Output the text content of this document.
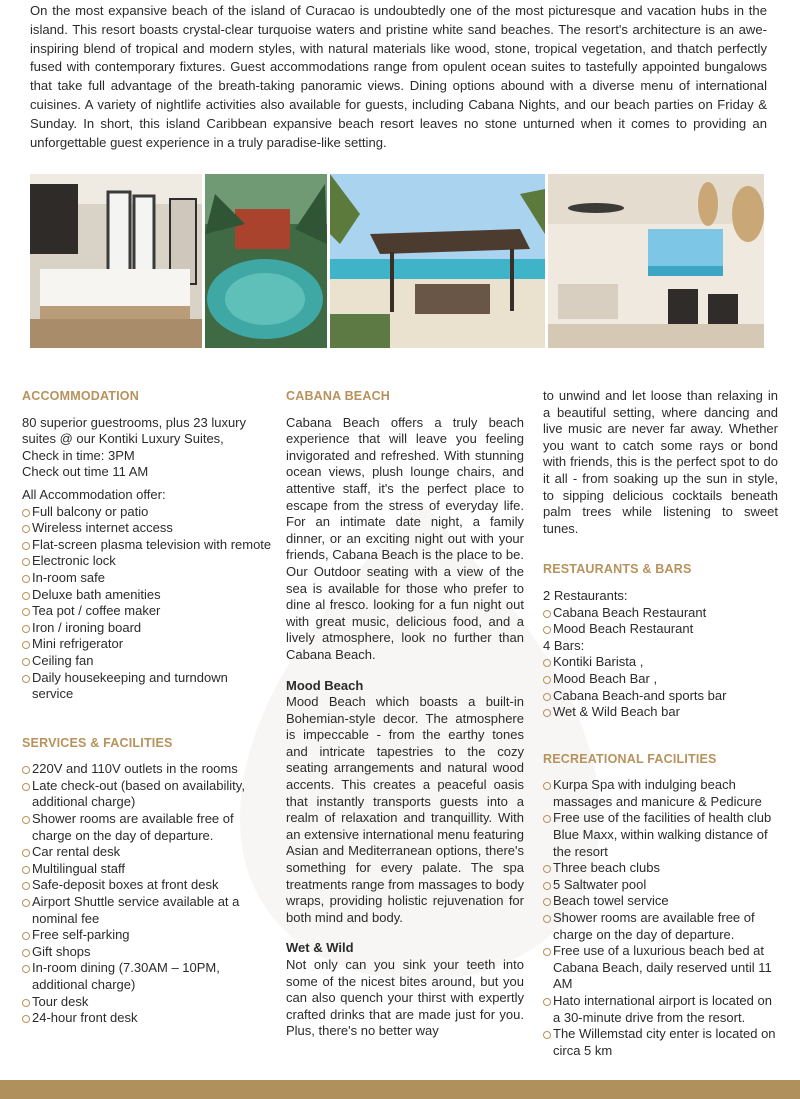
On the most expansive beach of the island of Curacao is undoubtedly one of the most picturesque and vacation hubs in the island. This resort boasts crystal-clear turquoise waters and pristine white sand beaches. The resort's architecture is an awe-inspiring blend of tropical and modern styles, with natural materials like wood, stone, tropical vegetation, and thatch perfectly fused with contemporary fixtures. Guest accommodations range from opulent ocean suites to tastefully appointed bungalows that take full advantage of the breath-taking panoramic views. Dining options abound with a diverse menu of international cuisines. A variety of nightlife activities also available for guests, including Cabana Nights, and our beach parties on Friday & Sunday. In short, this island Caribbean expansive beach resort leaves no stone unturned when it comes to providing an unforgettable guest experience in a truly paradise-like setting.

ACCOMMODATION
80 superior guestrooms, plus 23 luxury suites @ our Kontiki Luxury Suites,
Check in time: 3PM
Check out time 11 AM
All Accommodation offer:
Full balcony or patio
Wireless internet access
Flat-screen plasma television with remote
Electronic lock
In-room safe
Deluxe bath amenities
Tea pot / coffee maker
Iron / ironing board
Mini refrigerator
Ceiling fan
Daily housekeeping and turndown service
SERVICES & FACILITIES
220V and 110V outlets in the rooms
Late check-out (based on availability, additional charge)
Shower rooms are available free of charge on the day of departure.
Car rental desk
Multilingual staff
Safe-deposit boxes at front desk
Airport Shuttle service available at a nominal fee
Free self-parking
Gift shops
In-room dining (7.30AM – 10PM, additional charge)
Tour desk
24-hour front desk
CABANA BEACH

Cabana Beach offers a truly beach experience that will leave you feeling invigorated and refreshed. With stunning ocean views, plush lounge chairs, and attentive staff, it's the perfect place to escape from the stress of everyday life. For an intimate date night, a family dinner, or an exciting night out with your friends, Cabana Beach is the place to be. Our Outdoor seating with a view of the sea is available for those who prefer to dine al fresco. looking for a fun night out with great music, delicious food, and a lively atmosphere, look no further than Cabana Beach.

Mood Beach

Mood Beach which boasts a built-in Bohemian-style decor. The atmosphere is impeccable - from the earthy tones and intricate tapestries to the cozy seating arrangements and natural wood accents. This creates a peaceful oasis that instantly transports guests into a realm of relaxation and tranquillity. With an extensive international menu featuring Asian and Mediterranean options, there's something for every palate. The spa treatments range from massages to body wraps, providing holistic rejuvenation for both mind and body.

Wet & Wild

Not only can you sink your teeth into some of the nicest bites around, but you can also quench your thirst with expertly crafted drinks that are made just for you. Plus, there's no better way

to unwind and let loose than relaxing in a beautiful setting, where dancing and live music are never far away. Whether you want to catch some rays or bond with friends, this is the perfect spot to do it all - from soaking up the sun in style, to sipping delicious cocktails beneath palm trees while listening to sweet tunes.

RESTAURANTS & BARS
2 Restaurants:
Cabana Beach Restaurant
Mood Beach Restaurant
4 Bars:
Kontiki Barista ,
Mood Beach Bar ,
Cabana Beach-and sports bar
Wet & Wild Beach bar
RECREATIONAL FACILITIES
Kurpa Spa with indulging beach massages and manicure & Pedicure
Free use of the facilities of health club Blue Maxx, within walking distance of the resort
Three beach clubs
5 Saltwater pool
Beach towel service
Shower rooms are available free of charge on the day of departure.
Free use of a luxurious beach bed at Cabana Beach, daily reserved until 11 AM
Hato international airport is located on a 30-minute drive from the resort.
The Willemstad city enter is located on circa 5 km
